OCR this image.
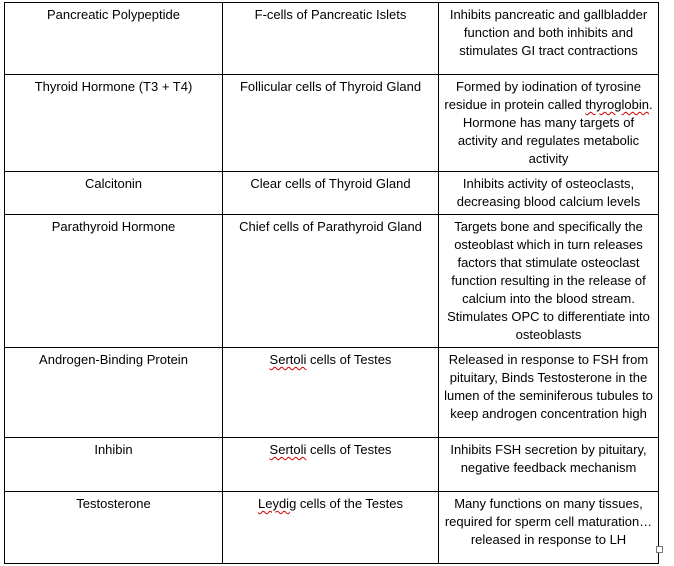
Pancreatic Polypeptide	F-cells of Pancreatic Islets	Inhibits pancreatic and gallbladder function and both inhibits and stimulates GI tract contractions
Thyroid Hormone (T3 + T4)	Follicular cells of Thyroid Gland	Formed by iodination of tyrosine residue in protein called thyroglobin. Hormone has many targets of activity and regulates metabolic activity
Calcitonin	Clear cells of Thyroid Gland	Inhibits activity of osteoclasts, decreasing blood calcium levels
Parathyroid Hormone	Chief cells of Parathyroid Gland	Targets bone and specifically the osteoblast which in turn releases factors that stimulate osteoclast function resulting in the release of calcium into the blood stream. Stimulates OPC to differentiate into osteoblasts
Androgen-Binding Protein	Sertoli cells of Testes	Released in response to FSH from pituitary, Binds Testosterone in the lumen of the seminiferous tubules to keep androgen concentration high
Inhibin	Sertoli cells of Testes	Inhibits FSH secretion by pituitary, negative feedback mechanism
Testosterone	Leydig cells of the Testes	Many functions on many tissues, required for sperm cell maturation…released in response to LH
